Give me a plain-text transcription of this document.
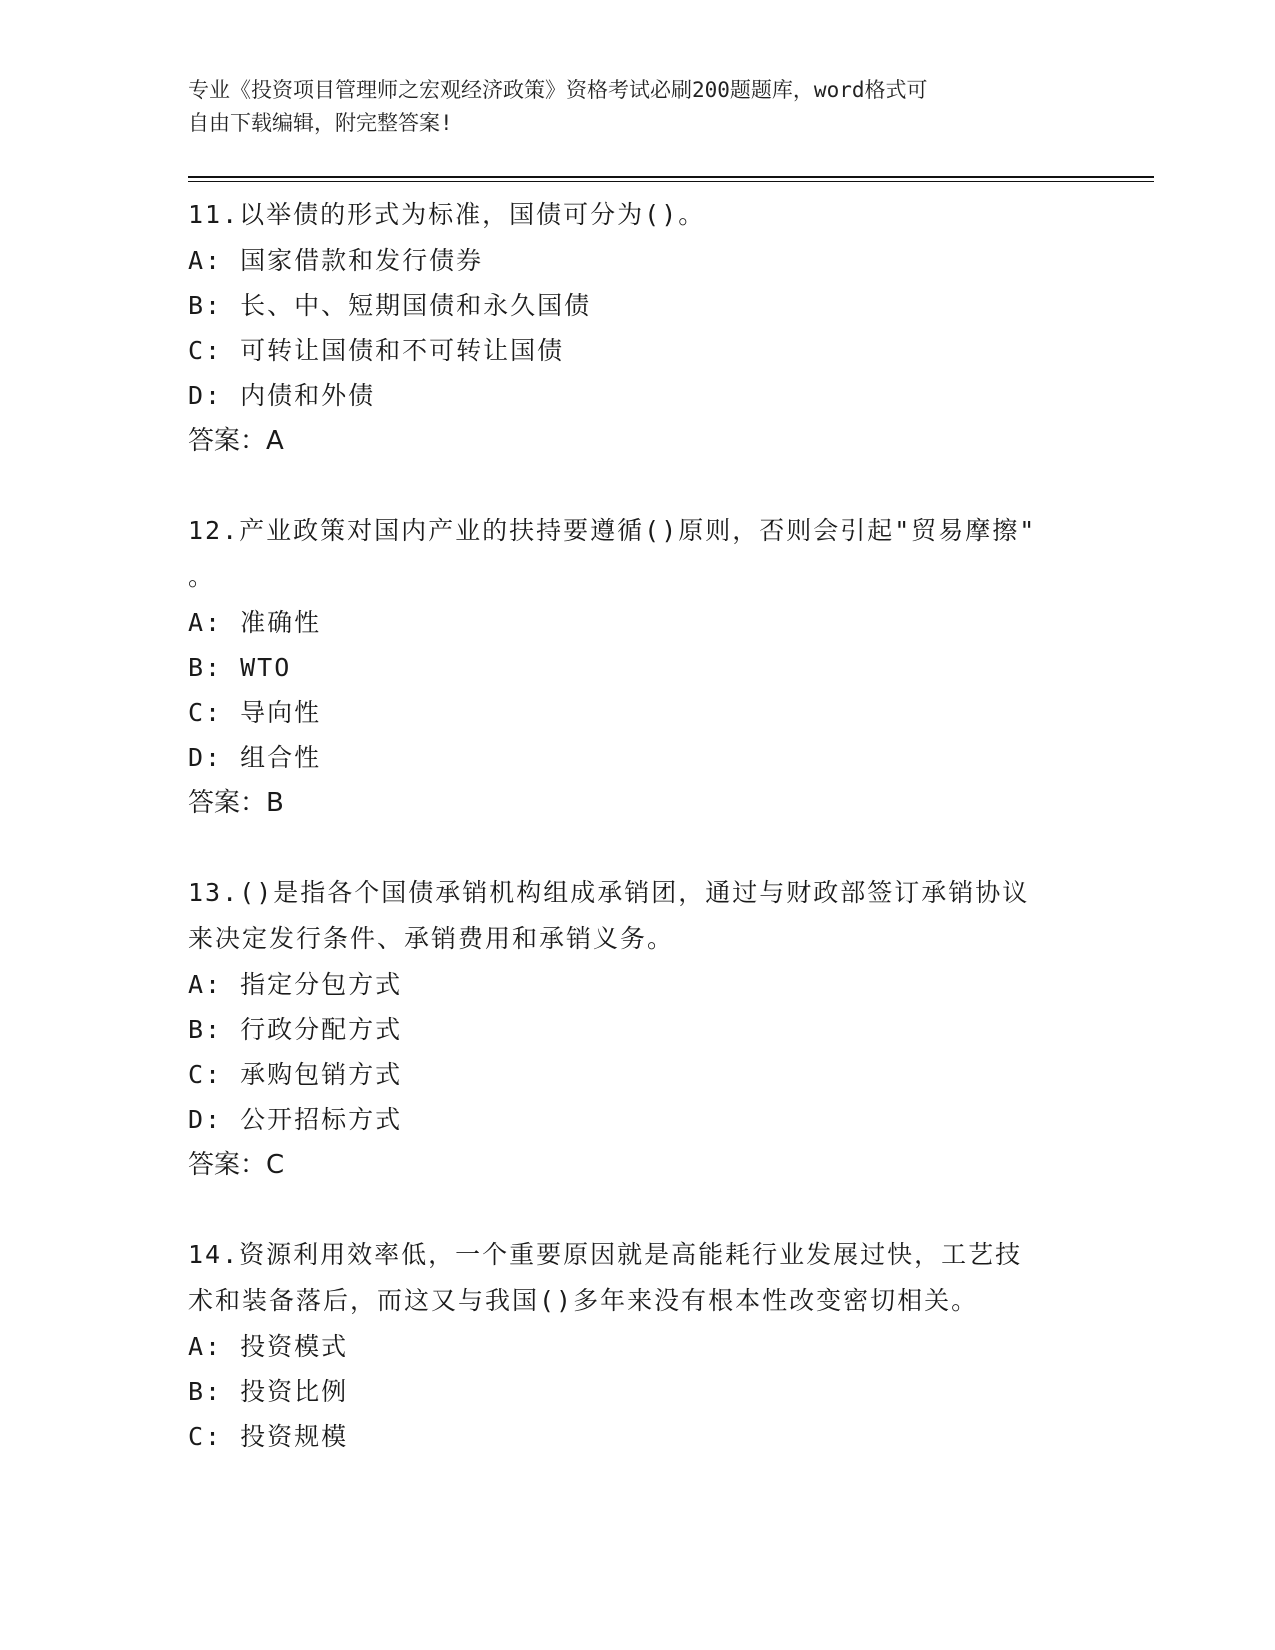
专业《投资项目管理师之宏观经济政策》资格考试必刷200题题库，word格式可
自由下载编辑，附完整答案!
11.以举债的形式为标准，国债可分为()。
A: 国家借款和发行债券
B: 长、中、短期国债和永久国债
C: 可转让国债和不可转让国债
D: 内债和外债
答案：A
12.产业政策对国内产业的扶持要遵循()原则，否则会引起"贸易摩擦"
。
A: 准确性
B: WTO
C: 导向性
D: 组合性
答案：B
13.()是指各个国债承销机构组成承销团，通过与财政部签订承销协议
来决定发行条件、承销费用和承销义务。
A: 指定分包方式
B: 行政分配方式
C: 承购包销方式
D: 公开招标方式
答案：C
14.资源利用效率低，一个重要原因就是高能耗行业发展过快，工艺技
术和装备落后，而这又与我国()多年来没有根本性改变密切相关。
A: 投资模式
B: 投资比例
C: 投资规模
